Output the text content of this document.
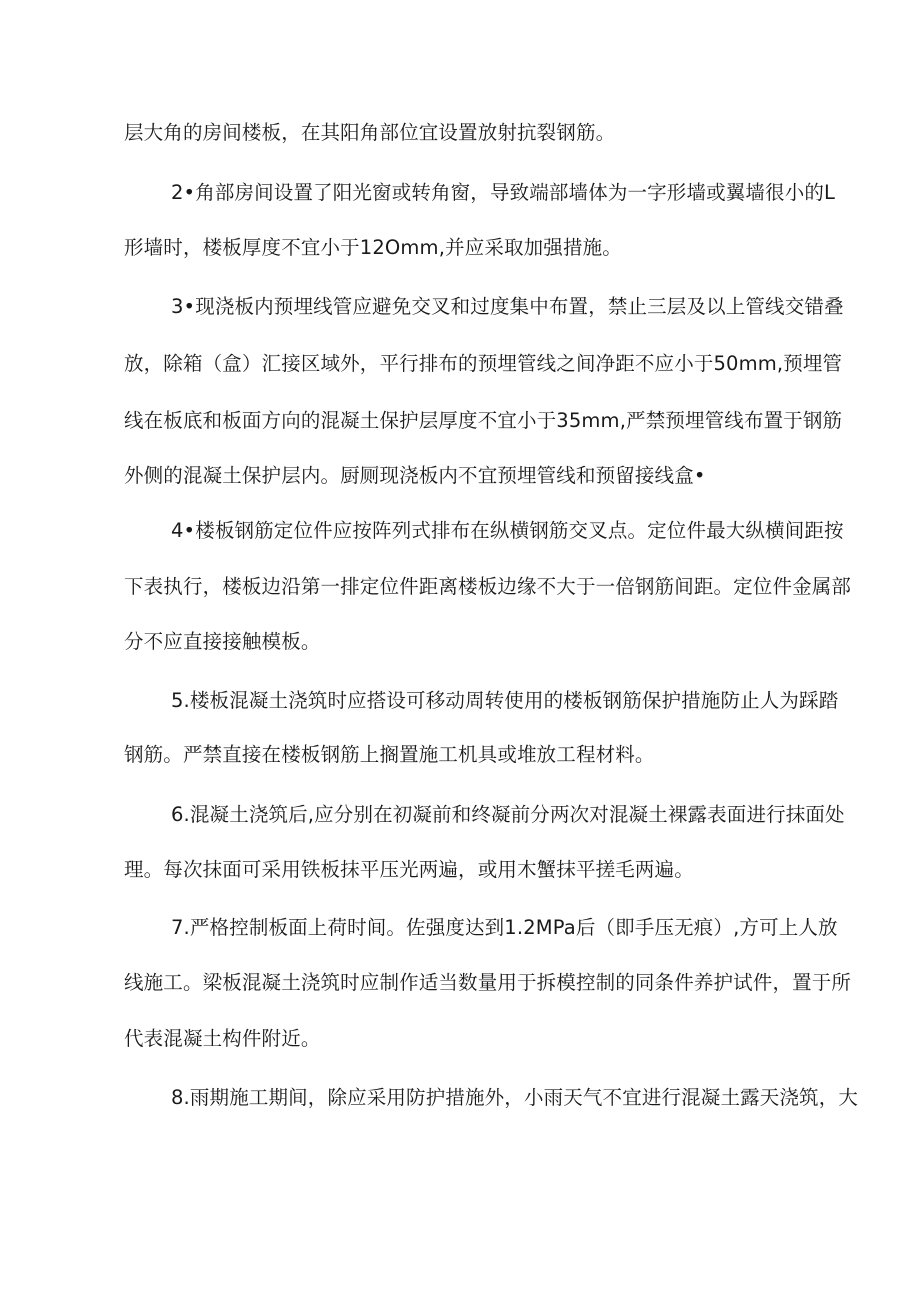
层大角的房间楼板，在其阳角部位宜设置放射抗裂钢筋。
2•角部房间设置了阳光窗或转角窗，导致端部墙体为一字形墙或翼墙很小的L
形墙时，楼板厚度不宜小于12Omm,并应采取加强措施。
3•现浇板内预埋线管应避免交叉和过度集中布置，禁止三层及以上管线交错叠
放，除箱（盒）汇接区域外，平行排布的预埋管线之间净距不应小于50mm,预埋管
线在板底和板面方向的混凝土保护层厚度不宜小于35mm,严禁预埋管线布置于钢筋
外侧的混凝土保护层内。厨厕现浇板内不宜预埋管线和预留接线盒•
4•楼板钢筋定位件应按阵列式排布在纵横钢筋交叉点。定位件最大纵横间距按
下表执行，楼板边沿第一排定位件距离楼板边缘不大于一倍钢筋间距。定位件金属部
分不应直接接触模板。
5.楼板混凝土浇筑时应搭设可移动周转使用的楼板钢筋保护措施防止人为踩踏
钢筋。严禁直接在楼板钢筋上搁置施工机具或堆放工程材料。
6.混凝土浇筑后,应分别在初凝前和终凝前分两次对混凝土裸露表面进行抹面处
理。每次抹面可采用铁板抹平压光两遍，或用木蟹抹平搓毛两遍。
7.严格控制板面上荷时间。佐强度达到1.2MPa后（即手压无痕）,方可上人放
线施工。梁板混凝土浇筑时应制作适当数量用于拆模控制的同条件养护试件，置于所
代表混凝土构件附近。
8.雨期施工期间，除应采用防护措施外，小雨天气不宜进行混凝土露天浇筑，大
